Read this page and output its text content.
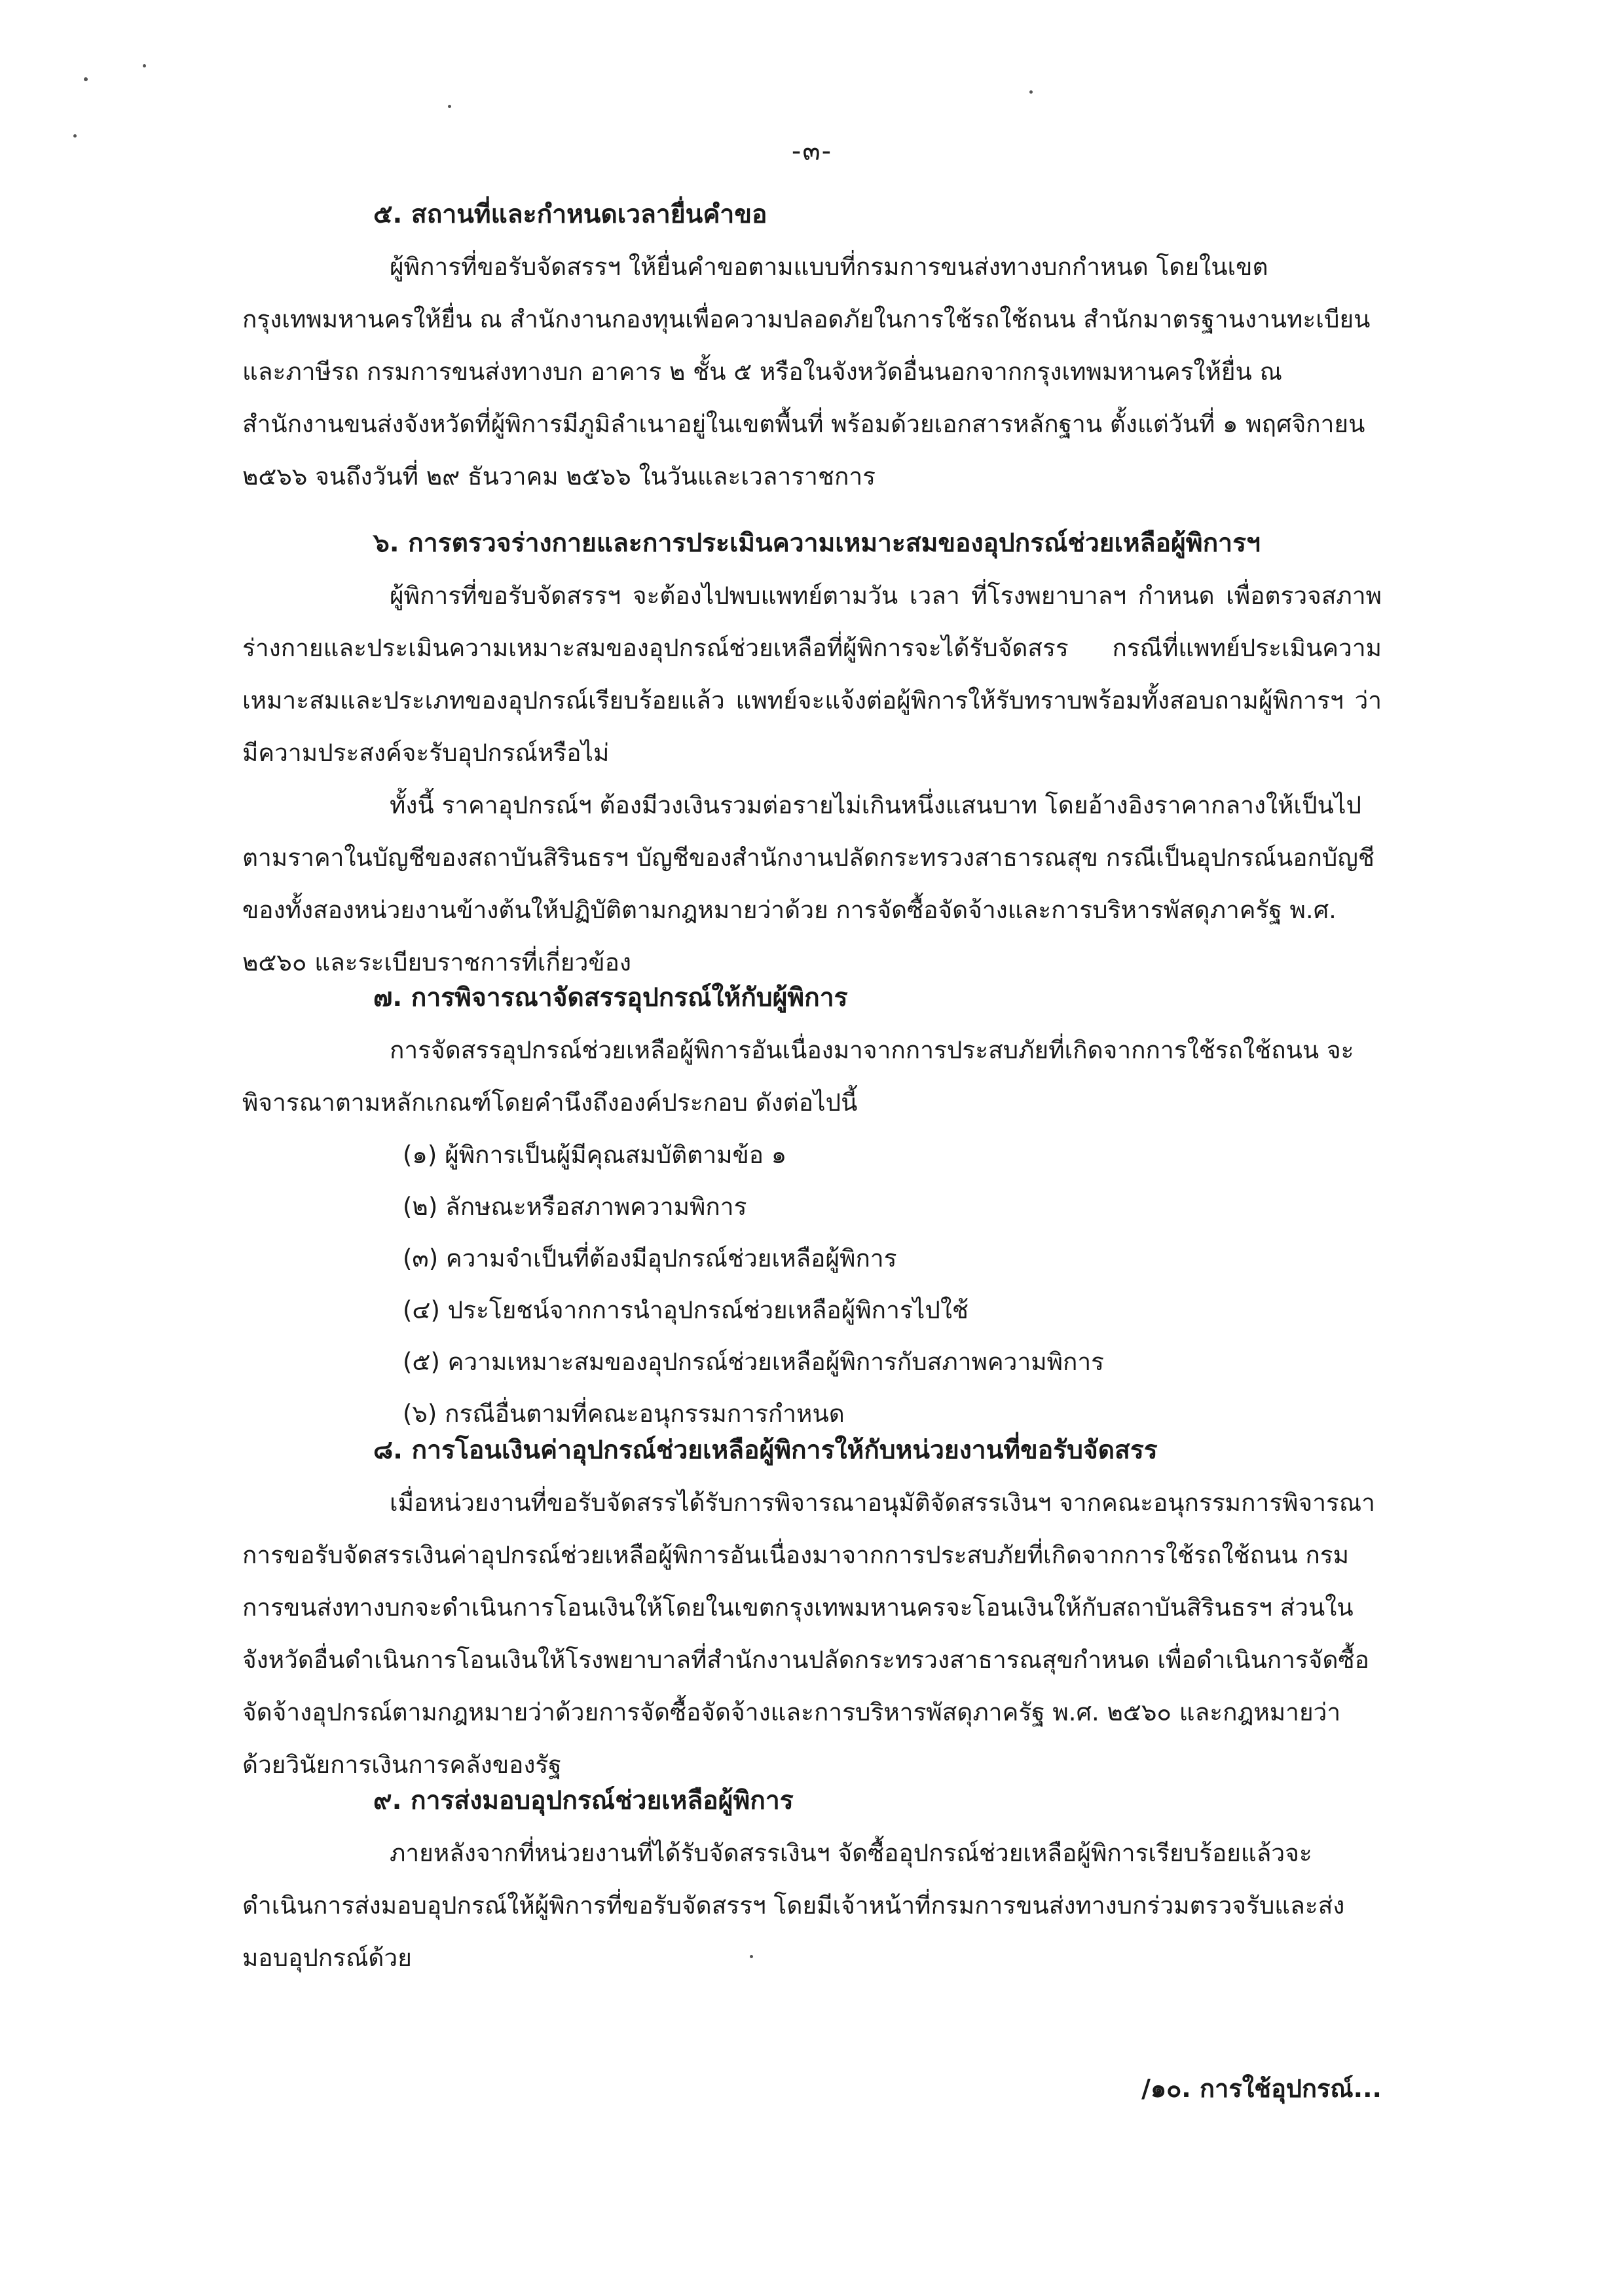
-๓-
๕. สถานที่และกำหนดเวลายื่นคำขอ

ผู้พิการที่ขอรับจัดสรรฯ ให้ยื่นคำขอตามแบบที่กรมการขนส่งทางบกกำหนด โดยในเขตกรุงเทพมหานครให้ยื่น ณ สำนักงานกองทุนเพื่อความปลอดภัยในการใช้รถใช้ถนน สำนักมาตรฐานงานทะเบียนและภาษีรถ กรมการขนส่งทางบก อาคาร ๒ ชั้น ๕ หรือในจังหวัดอื่นนอกจากกรุงเทพมหานครให้ยื่น ณ สำนักงานขนส่งจังหวัดที่ผู้พิการมีภูมิลำเนาอยู่ในเขตพื้นที่ พร้อมด้วยเอกสารหลักฐาน ตั้งแต่วันที่ ๑ พฤศจิกายน ๒๕๖๖ จนถึงวันที่ ๒๙ ธันวาคม ๒๕๖๖ ในวันและเวลาราชการ

๖. การตรวจร่างกายและการประเมินความเหมาะสมของอุปกรณ์ช่วยเหลือผู้พิการฯ

ผู้พิการที่ขอรับจัดสรรฯ จะต้องไปพบแพทย์ตามวัน เวลา ที่โรงพยาบาลฯ กำหนด เพื่อตรวจสภาพร่างกายและประเมินความเหมาะสมของอุปกรณ์ช่วยเหลือที่ผู้พิการจะได้รับจัดสรร กรณีที่แพทย์ประเมินความเหมาะสมและประเภทของอุปกรณ์เรียบร้อยแล้ว แพทย์จะแจ้งต่อผู้พิการให้รับทราบพร้อมทั้งสอบถามผู้พิการฯ ว่ามีความประสงค์จะรับอุปกรณ์หรือไม่

ทั้งนี้ ราคาอุปกรณ์ฯ ต้องมีวงเงินรวมต่อรายไม่เกินหนึ่งแสนบาท โดยอ้างอิงราคากลางให้เป็นไปตามราคาในบัญชีของสถาบันสิรินธรฯ บัญชีของสำนักงานปลัดกระทรวงสาธารณสุข กรณีเป็นอุปกรณ์นอกบัญชีของทั้งสองหน่วยงานข้างต้นให้ปฏิบัติตามกฎหมายว่าด้วย การจัดซื้อจัดจ้างและการบริหารพัสดุภาครัฐ พ.ศ. ๒๕๖๐ และระเบียบราชการที่เกี่ยวข้อง

๗. การพิจารณาจัดสรรอุปกรณ์ให้กับผู้พิการ

การจัดสรรอุปกรณ์ช่วยเหลือผู้พิการอันเนื่องมาจากการประสบภัยที่เกิดจากการใช้รถใช้ถนน จะพิจารณาตามหลักเกณฑ์โดยคำนึงถึงองค์ประกอบ ดังต่อไปนี้

(๑) ผู้พิการเป็นผู้มีคุณสมบัติตามข้อ ๑
(๒) ลักษณะหรือสภาพความพิการ
(๓) ความจำเป็นที่ต้องมีอุปกรณ์ช่วยเหลือผู้พิการ
(๔) ประโยชน์จากการนำอุปกรณ์ช่วยเหลือผู้พิการไปใช้
(๕) ความเหมาะสมของอุปกรณ์ช่วยเหลือผู้พิการกับสภาพความพิการ
(๖) กรณีอื่นตามที่คณะอนุกรรมการกำหนด
๘. การโอนเงินค่าอุปกรณ์ช่วยเหลือผู้พิการให้กับหน่วยงานที่ขอรับจัดสรร

เมื่อหน่วยงานที่ขอรับจัดสรรได้รับการพิจารณาอนุมัติจัดสรรเงินฯ จากคณะอนุกรรมการพิจารณาการขอรับจัดสรรเงินค่าอุปกรณ์ช่วยเหลือผู้พิการอันเนื่องมาจากการประสบภัยที่เกิดจากการใช้รถใช้ถนน กรมการขนส่งทางบกจะดำเนินการโอนเงินให้โดยในเขตกรุงเทพมหานครจะโอนเงินให้กับสถาบันสิรินธรฯ ส่วนในจังหวัดอื่นดำเนินการโอนเงินให้โรงพยาบาลที่สำนักงานปลัดกระทรวงสาธารณสุขกำหนด เพื่อดำเนินการจัดซื้อจัดจ้างอุปกรณ์ตามกฎหมายว่าด้วยการจัดซื้อจัดจ้างและการบริหารพัสดุภาครัฐ พ.ศ. ๒๕๖๐ และกฎหมายว่าด้วยวินัยการเงินการคลังของรัฐ

๙. การส่งมอบอุปกรณ์ช่วยเหลือผู้พิการ

ภายหลังจากที่หน่วยงานที่ได้รับจัดสรรเงินฯ จัดซื้ออุปกรณ์ช่วยเหลือผู้พิการเรียบร้อยแล้วจะดำเนินการส่งมอบอุปกรณ์ให้ผู้พิการที่ขอรับจัดสรรฯ โดยมีเจ้าหน้าที่กรมการขนส่งทางบกร่วมตรวจรับและส่งมอบอุปกรณ์ด้วย

/๑๐. การใช้อุปกรณ์...
